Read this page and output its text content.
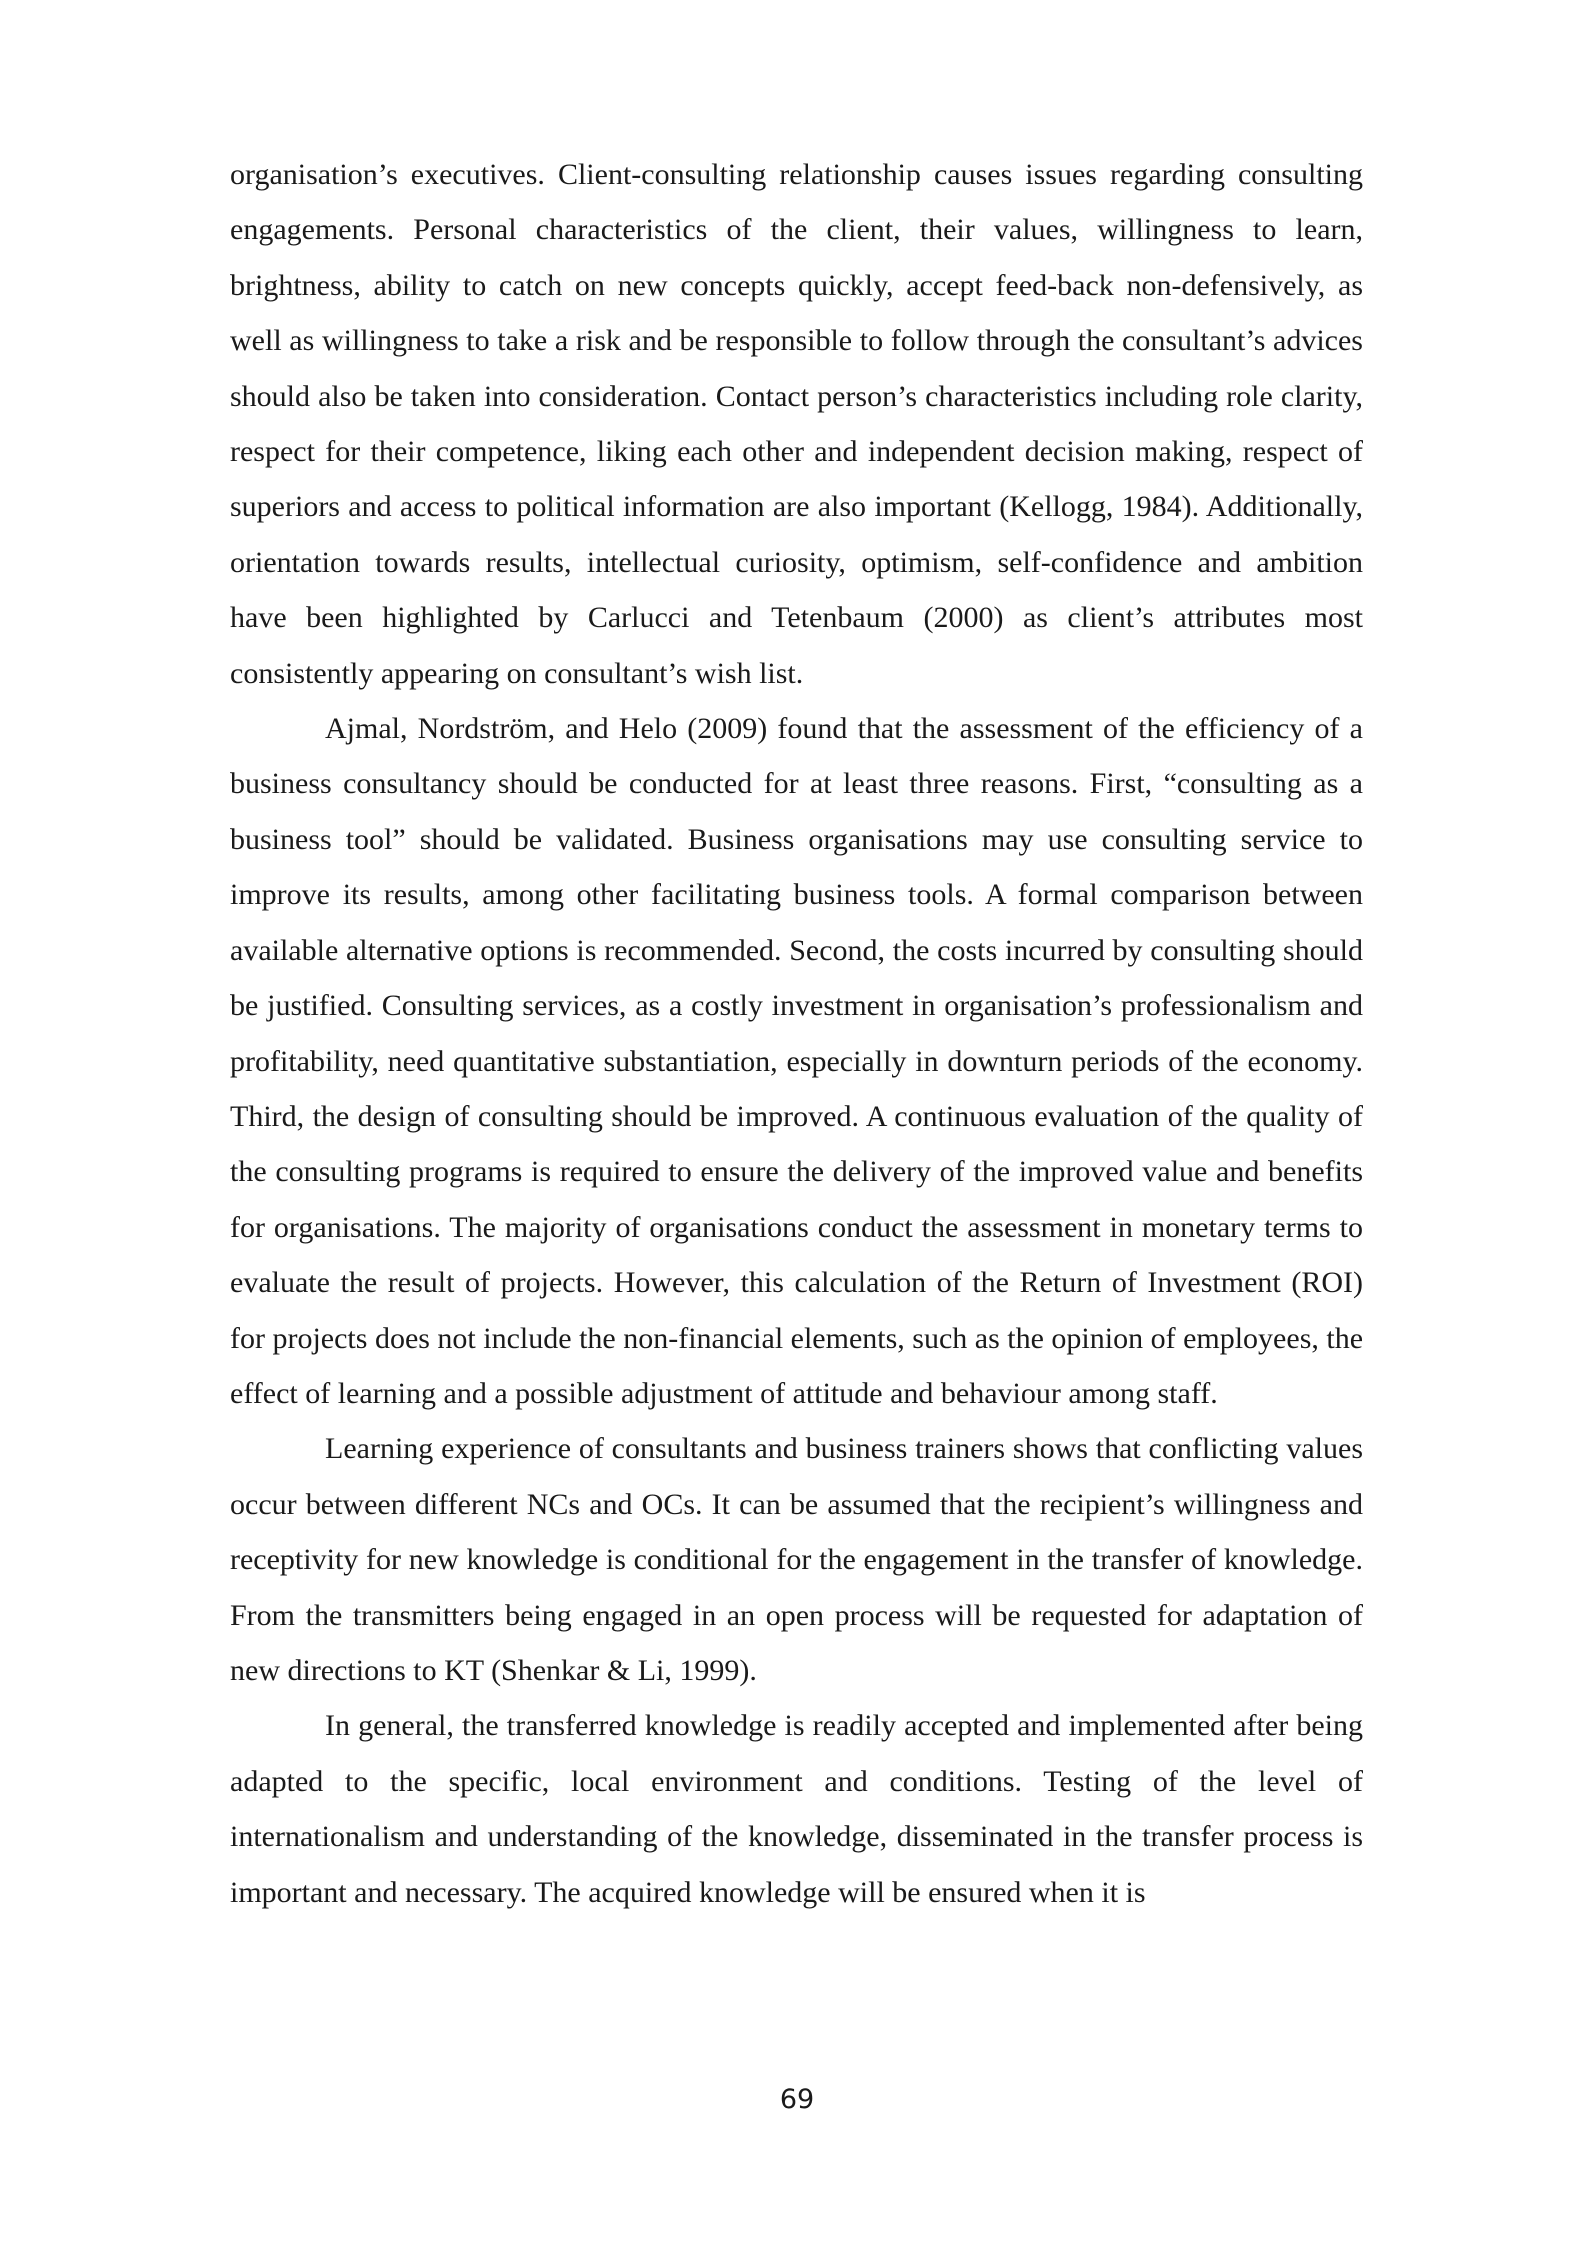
organisation’s executives. Client-consulting relationship causes issues regarding consulting engagements. Personal characteristics of the client, their values, willingness to learn, brightness, ability to catch on new concepts quickly, accept feed-back non-defensively, as well as willingness to take a risk and be responsible to follow through the consultant’s advices should also be taken into consideration. Contact person’s characteristics including role clarity, respect for their competence, liking each other and independent decision making, respect of superiors and access to political information are also important (Kellogg, 1984). Additionally, orientation towards results, intellectual curiosity, optimism, self-confidence and ambition have been highlighted by Carlucci and Tetenbaum (2000) as client’s attributes most consistently appearing on consultant’s wish list.

Ajmal, Nordström, and Helo (2009) found that the assessment of the efficiency of a business consultancy should be conducted for at least three reasons. First, “consulting as a business tool” should be validated. Business organisations may use consulting service to improve its results, among other facilitating business tools. A formal comparison between available alternative options is recommended. Second, the costs incurred by consulting should be justified. Consulting services, as a costly investment in organisation’s professionalism and profitability, need quantitative substantiation, especially in downturn periods of the economy. Third, the design of consulting should be improved. A continuous evaluation of the quality of the consulting programs is required to ensure the delivery of the improved value and benefits for organisations. The majority of organisations conduct the assessment in monetary terms to evaluate the result of projects. However, this calculation of the Return of Investment (ROI) for projects does not include the non-financial elements, such as the opinion of employees, the effect of learning and a possible adjustment of attitude and behaviour among staff.

Learning experience of consultants and business trainers shows that conflicting values occur between different NCs and OCs. It can be assumed that the recipient’s willingness and receptivity for new knowledge is conditional for the engagement in the transfer of knowledge. From the transmitters being engaged in an open process will be requested for adaptation of new directions to KT (Shenkar & Li, 1999).

In general, the transferred knowledge is readily accepted and implemented after being adapted to the specific, local environment and conditions. Testing of the level of internationalism and understanding of the knowledge, disseminated in the transfer process is important and necessary. The acquired knowledge will be ensured when it is

69
